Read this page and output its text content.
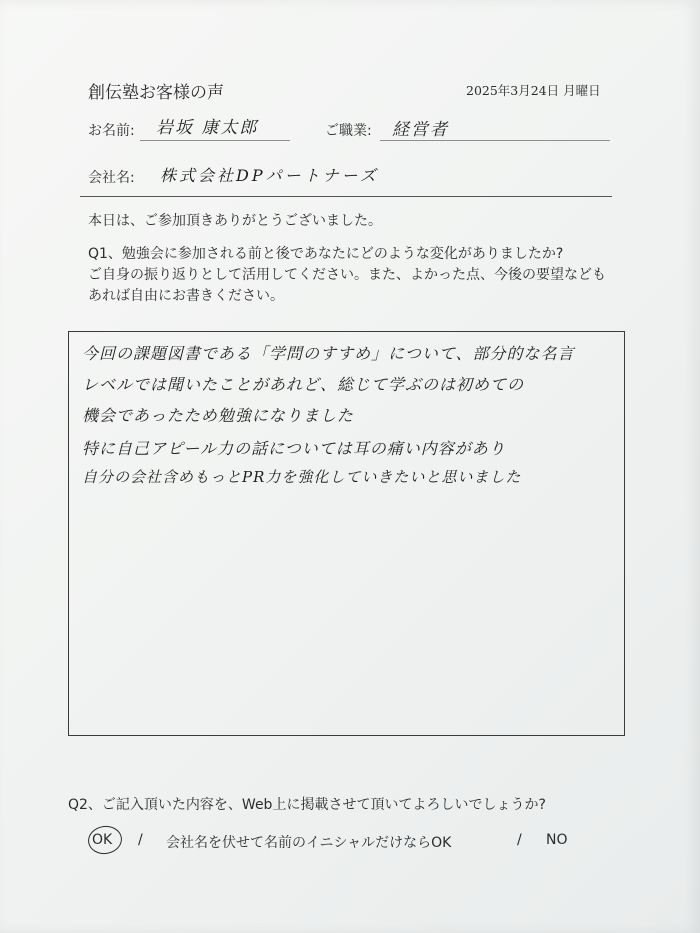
創伝塾お客様の声	2025年3月24日 月曜日
お名前: 岩坂 康太郎	ご職業: 経営者
会社名: 株式会社DPパートナーズ
本日は、ご参加頂きありがとうございました。
Q1、勉強会に参加される前と後であなたにどのような変化がありましたか?
ご自身の振り返りとして活用してください。また、よかった点、今後の要望なども
あれば自由にお書きください。
今回の課題図書である「学問のすすめ」について、部分的な名言
レベルでは聞いたことがあれど、総じて学ぶのは初めての
機会であったため勉強になりました
特に自己アピール力の話については耳の痛い内容があり
自分の会社含めもっとPR力を強化していきたいと思いました
Q2、ご記入頂いた内容を、Web上に掲載させて頂いてよろしいでしょうか?
OK / 会社名を伏せて名前のイニシャルだけならOK	/ NO
